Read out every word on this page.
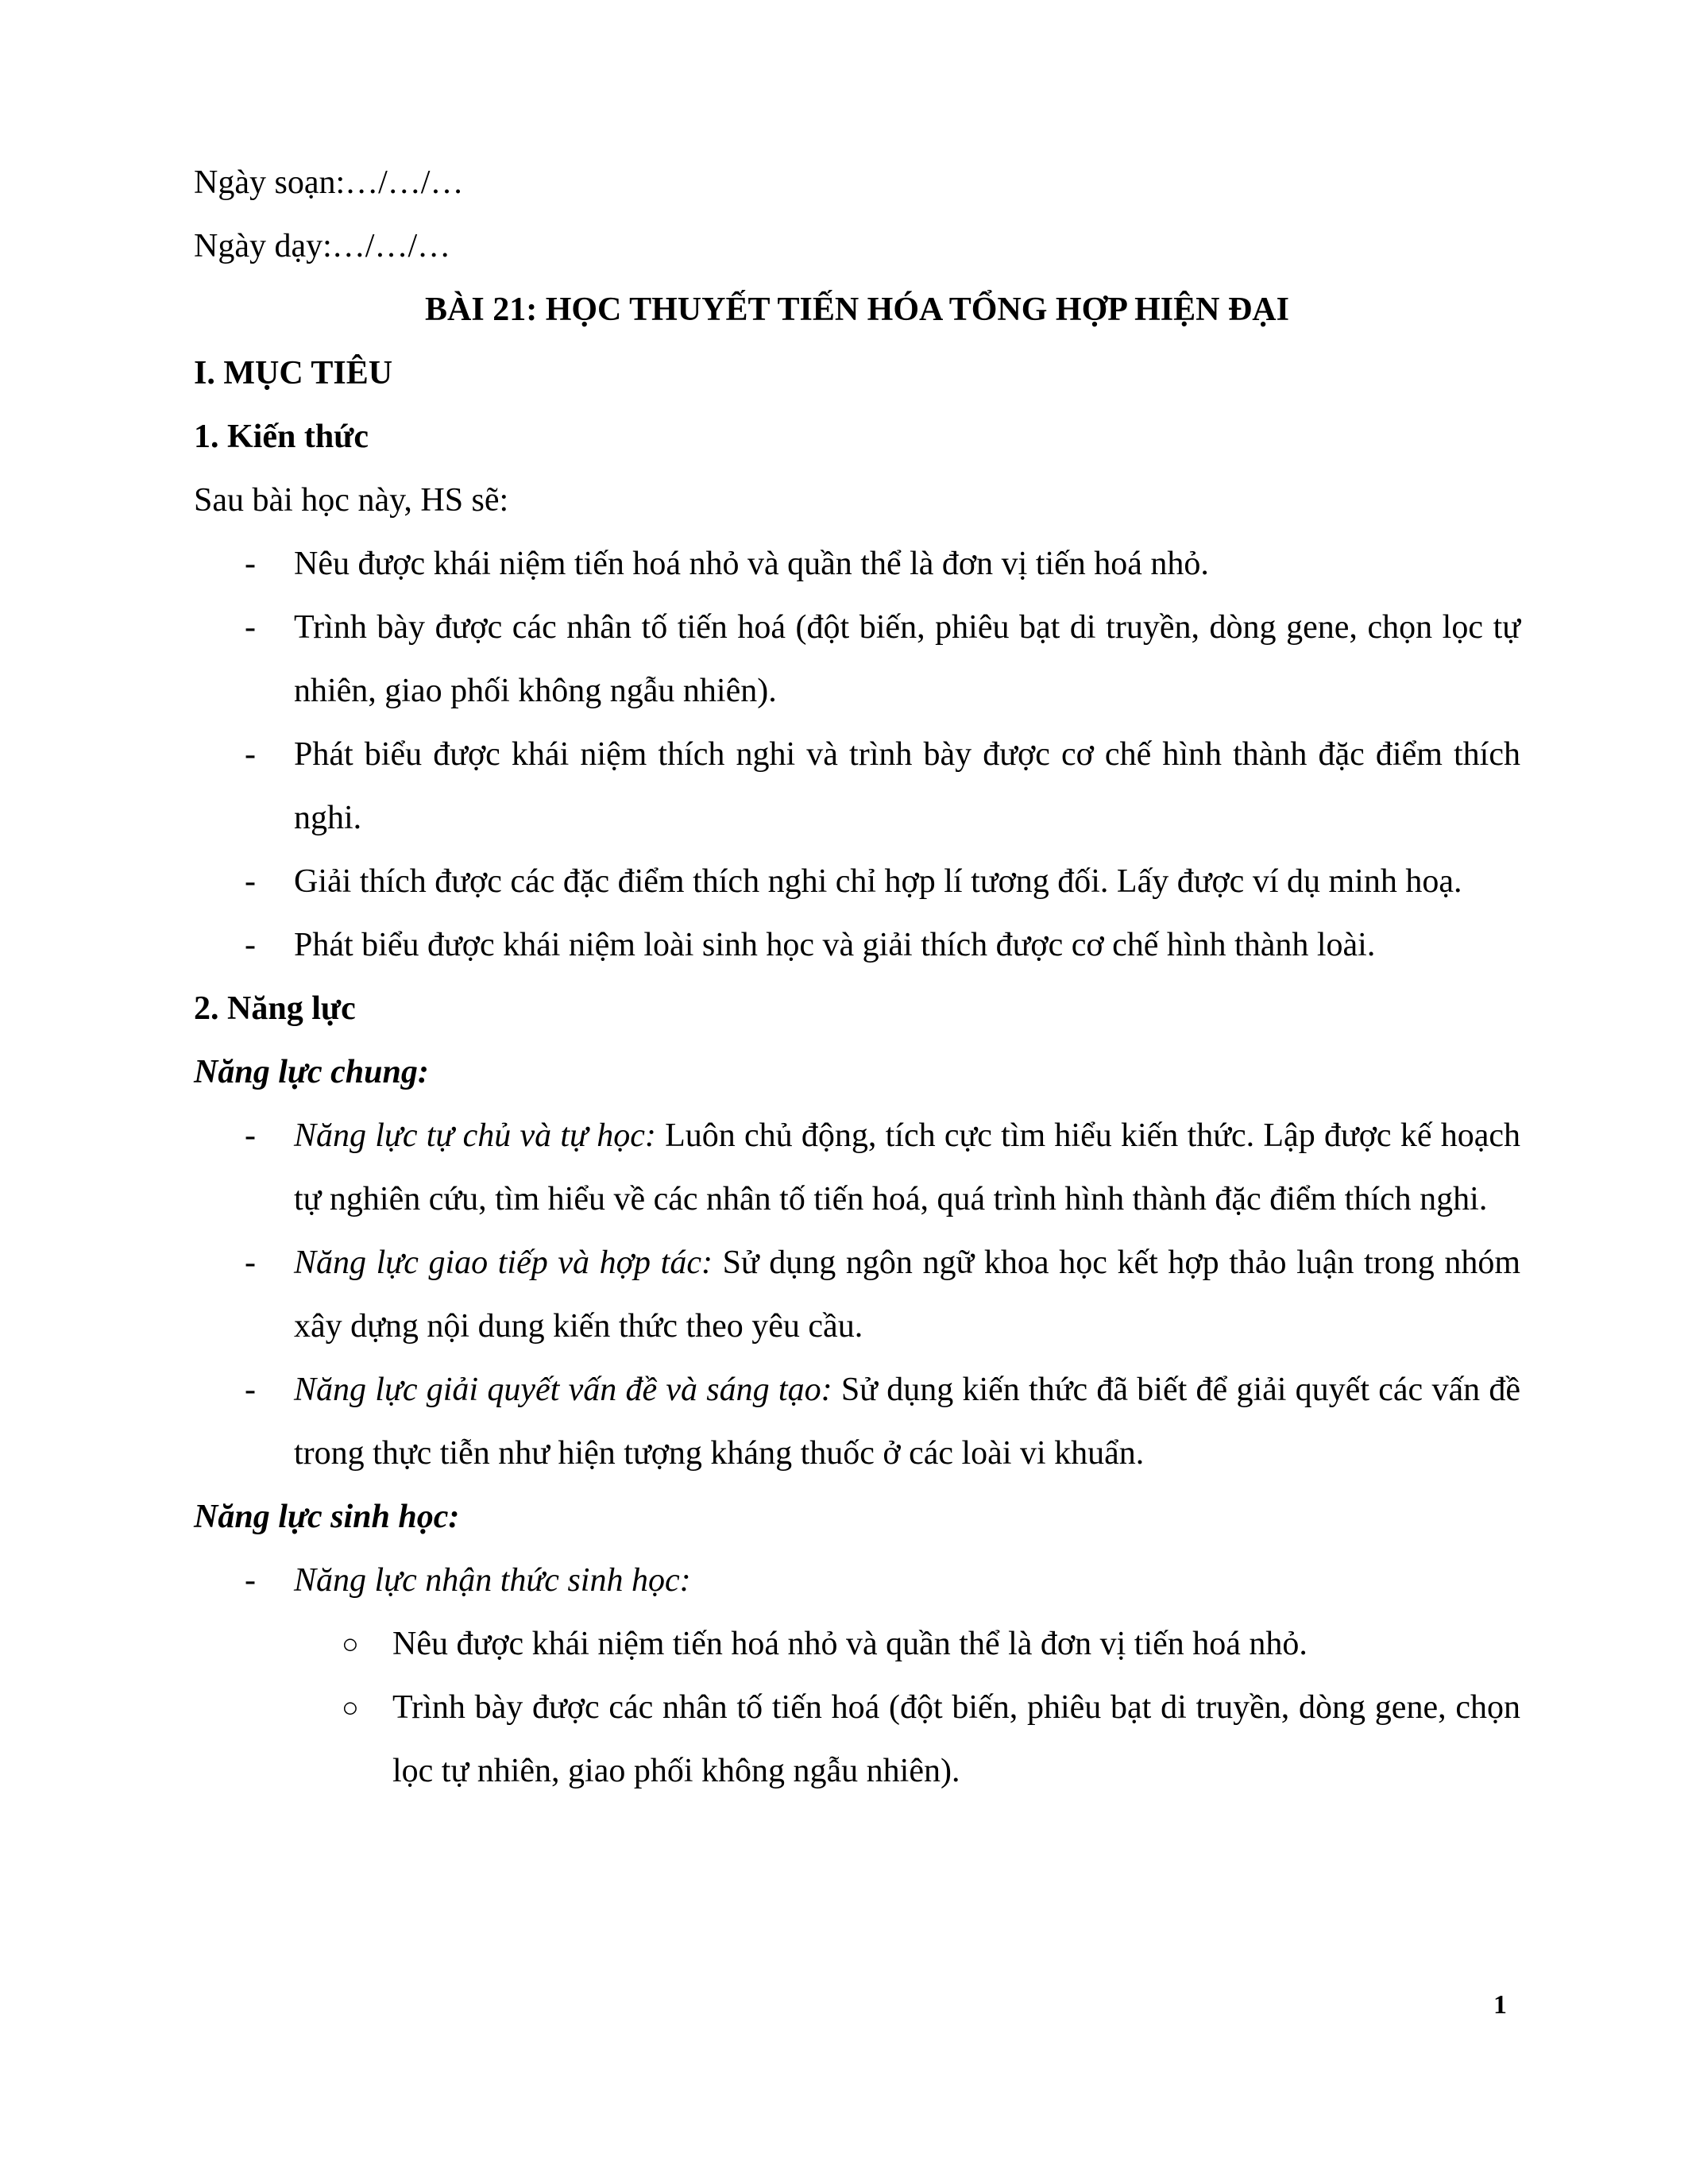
Ngày soạn:…/…/…

Ngày dạy:…/…/…

BÀI 21: HỌC THUYẾT TIẾN HÓA TỔNG HỢP HIỆN ĐẠI

I. MỤC TIÊU

1. Kiến thức

Sau bài học này, HS sẽ:

- Nêu được khái niệm tiến hoá nhỏ và quần thể là đơn vị tiến hoá nhỏ.

- Trình bày được các nhân tố tiến hoá (đột biến, phiêu bạt di truyền, dòng gene, chọn lọc tự nhiên, giao phối không ngẫu nhiên).

- Phát biểu được khái niệm thích nghi và trình bày được cơ chế hình thành đặc điểm thích nghi.

- Giải thích được các đặc điểm thích nghi chỉ hợp lí tương đối. Lấy được ví dụ minh hoạ.

- Phát biểu được khái niệm loài sinh học và giải thích được cơ chế hình thành loài.

2. Năng lực

Năng lực chung:

- Năng lực tự chủ và tự học: Luôn chủ động, tích cực tìm hiểu kiến thức. Lập được kế hoạch tự nghiên cứu, tìm hiểu về các nhân tố tiến hoá, quá trình hình thành đặc điểm thích nghi.

- Năng lực giao tiếp và hợp tác: Sử dụng ngôn ngữ khoa học kết hợp thảo luận trong nhóm xây dựng nội dung kiến thức theo yêu cầu.

- Năng lực giải quyết vấn đề và sáng tạo: Sử dụng kiến thức đã biết để giải quyết các vấn đề trong thực tiễn như hiện tượng kháng thuốc ở các loài vi khuẩn.

Năng lực sinh học:

- Năng lực nhận thức sinh học:

○ Nêu được khái niệm tiến hoá nhỏ và quần thể là đơn vị tiến hoá nhỏ.

○ Trình bày được các nhân tố tiến hoá (đột biến, phiêu bạt di truyền, dòng gene, chọn lọc tự nhiên, giao phối không ngẫu nhiên).

1
